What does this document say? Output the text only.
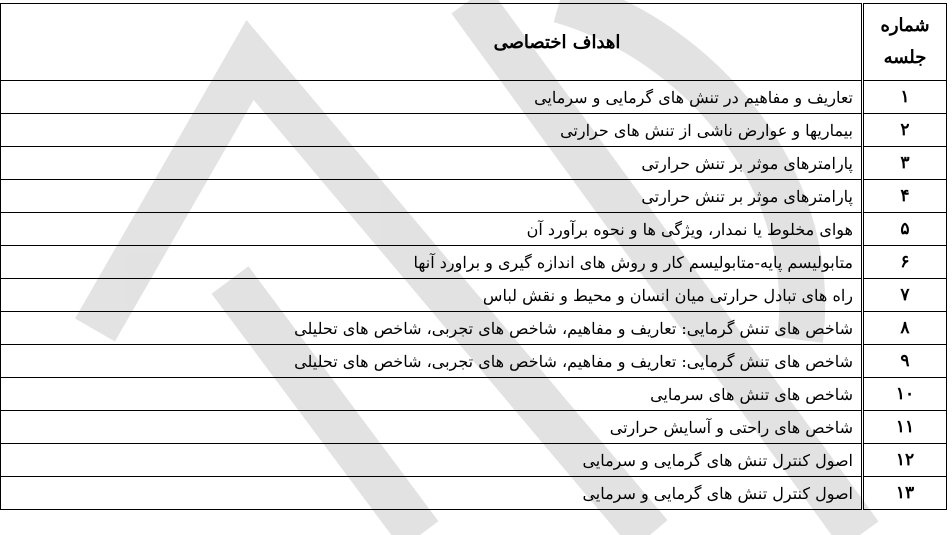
شماره جلسه	اهداف اختصاصی
۱	تعاریف و مفاهیم در تنش های گرمایی و سرمایی
۲	بیماریها و عوارض ناشی از تنش های حرارتی
۳	پارامترهای موثر بر تنش حرارتی
۴	پارامترهای موثر بر تنش حرارتی
۵	هوای مخلوط یا نمدار، ویژگی ها و نحوه برآورد آن
۶	متابولیسم پایه-متابولیسم کار و روش های اندازه گیری و براورد آنها
۷	راه های تبادل حرارتی میان انسان و محیط و نقش لباس
۸	شاخص های تنش گرمایی: تعاریف و مفاهیم، شاخص های تجربی، شاخص های تحلیلی
۹	شاخص های تنش گرمایی: تعاریف و مفاهیم، شاخص های تجربی، شاخص های تحلیلی
۱۰	شاخص های تنش های سرمایی
۱۱	شاخص های راحتی و آسایش حرارتی
۱۲	اصول کنترل تنش های گرمایی و سرمایی
۱۳	اصول کنترل تنش های گرمایی و سرمایی
